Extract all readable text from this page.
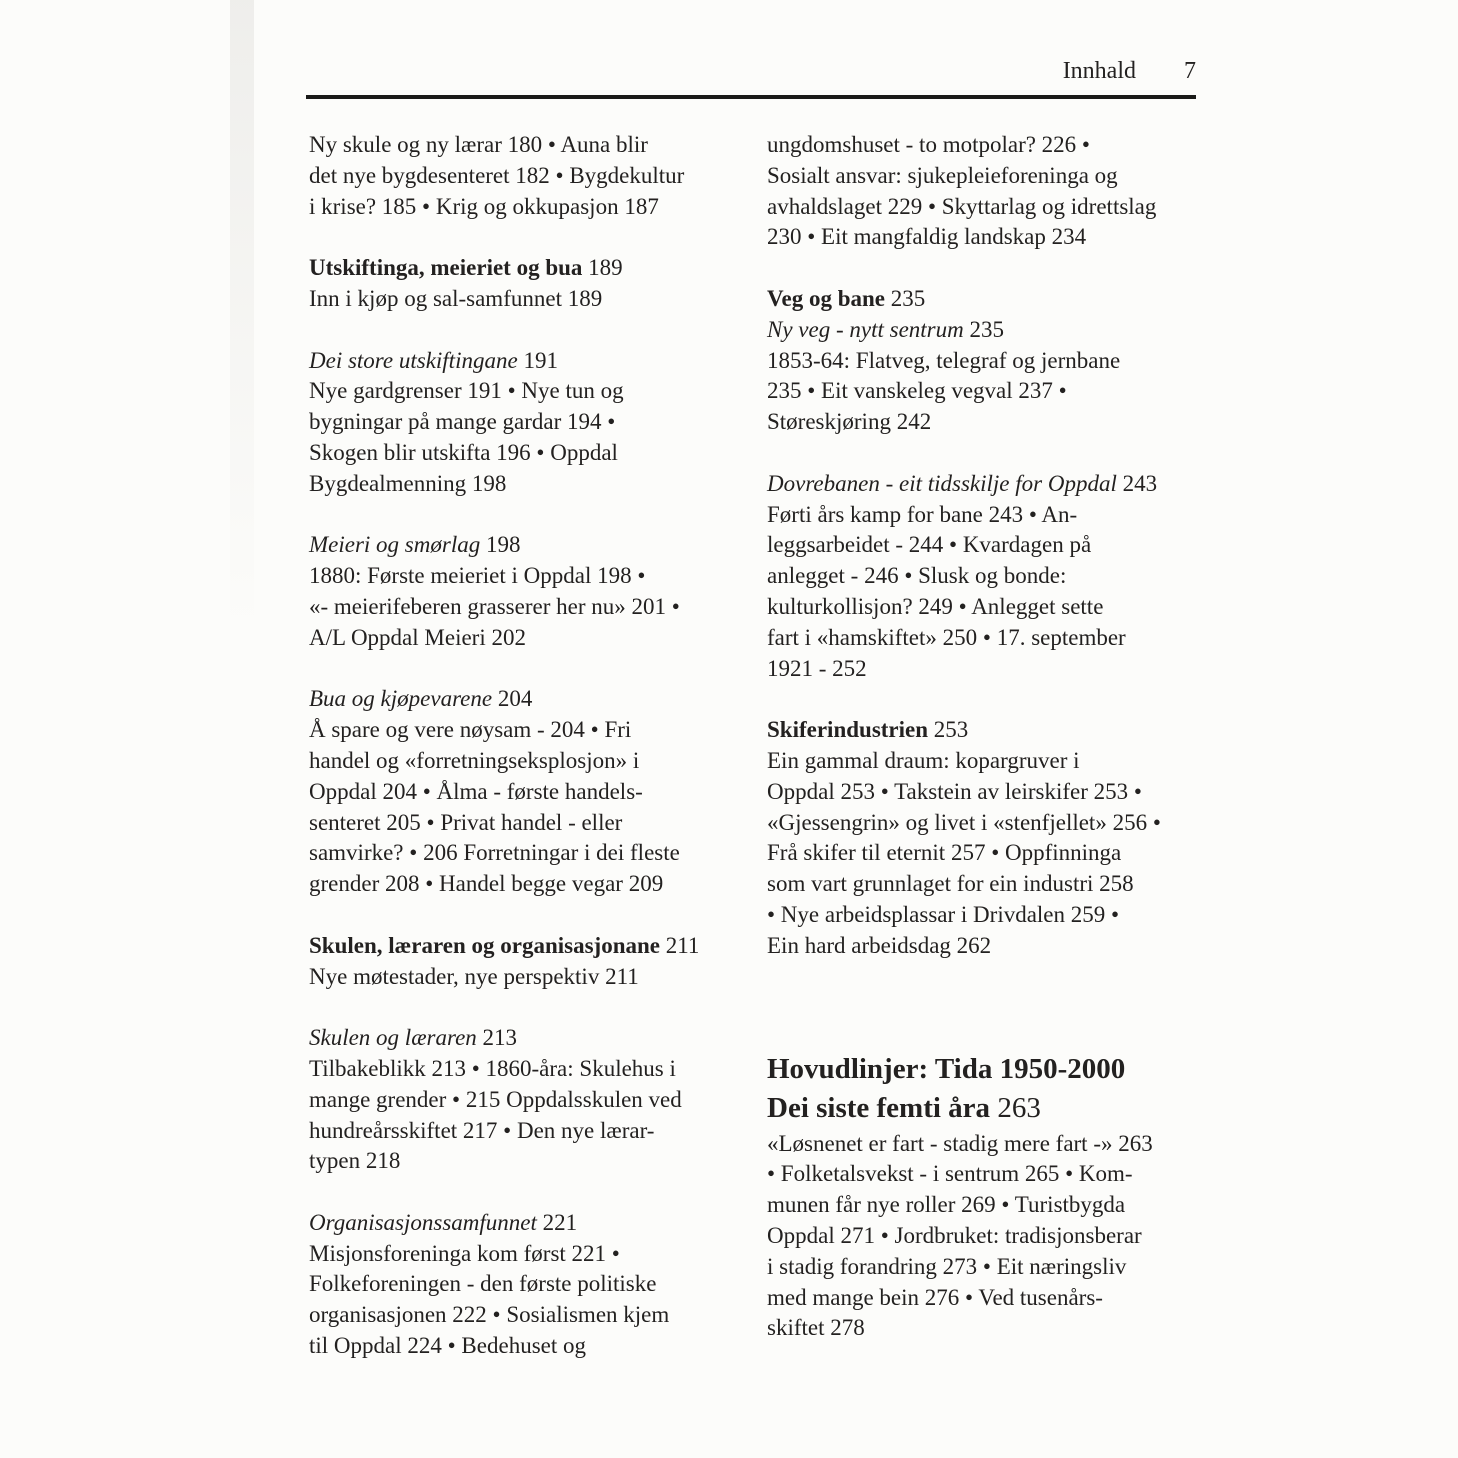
Innhald 7
Ny skule og ny lærar 180 • Auna blir
det nye bygdesenteret 182 • Bygdekultur
i krise? 185 • Krig og okkupasjon 187
Utskiftinga, meieriet og bua 189
Inn i kjøp og sal-samfunnet 189
Dei store utskiftingane 191
Nye gardgrenser 191 • Nye tun og
bygningar på mange gardar 194 •
Skogen blir utskifta 196 • Oppdal
Bygdealmenning 198
Meieri og smørlag 198
1880: Første meieriet i Oppdal 198 •
«- meierifeberen grasserer her nu» 201 •
A/L Oppdal Meieri 202
Bua og kjøpevarene 204
Å spare og vere nøysam - 204 • Fri
handel og «forretningseksplosjon» i
Oppdal 204 • Ålma - første handels-
senteret 205 • Privat handel - eller
samvirke? • 206 Forretningar i dei fleste
grender 208 • Handel begge vegar 209
Skulen, læraren og organisasjonane 211
Nye møtestader, nye perspektiv 211
Skulen og læraren 213
Tilbakeblikk 213 • 1860-åra: Skulehus i
mange grender • 215 Oppdalsskulen ved
hundreårsskiftet 217 • Den nye lærar-
typen 218
Organisasjonssamfunnet 221
Misjonsforeninga kom først 221 •
Folkeforeningen - den første politiske
organisasjonen 222 • Sosialismen kjem
til Oppdal 224 • Bedehuset og
ungdomshuset - to motpolar? 226 •
Sosialt ansvar: sjukepleieforeninga og
avhaldslaget 229 • Skyttarlag og idrettslag
230 • Eit mangfaldig landskap 234
Veg og bane 235
Ny veg - nytt sentrum 235
1853-64: Flatveg, telegraf og jernbane
235 • Eit vanskeleg vegval 237 •
Støreskjøring 242
Dovrebanen - eit tidsskilje for Oppdal 243
Førti års kamp for bane 243 • An-
leggsarbeidet - 244 • Kvardagen på
anlegget - 246 • Slusk og bonde:
kulturkollisjon? 249 • Anlegget sette
fart i «hamskiftet» 250 • 17. september
1921 - 252
Skiferindustrien 253
Ein gammal draum: kopargruver i
Oppdal 253 • Takstein av leirskifer 253 •
«Gjessengrin» og livet i «stenfjellet» 256 •
Frå skifer til eternit 257 • Oppfinninga
som vart grunnlaget for ein industri 258
• Nye arbeidsplassar i Drivdalen 259 •
Ein hard arbeidsdag 262
Hovudlinjer: Tida 1950-2000
Dei siste femti åra 263
«Løsnenet er fart - stadig mere fart -» 263
• Folketalsvekst - i sentrum 265 • Kom-
munen får nye roller 269 • Turistbygda
Oppdal 271 • Jordbruket: tradisjonsberar
i stadig forandring 273 • Eit næringsliv
med mange bein 276 • Ved tusenårs-
skiftet 278
